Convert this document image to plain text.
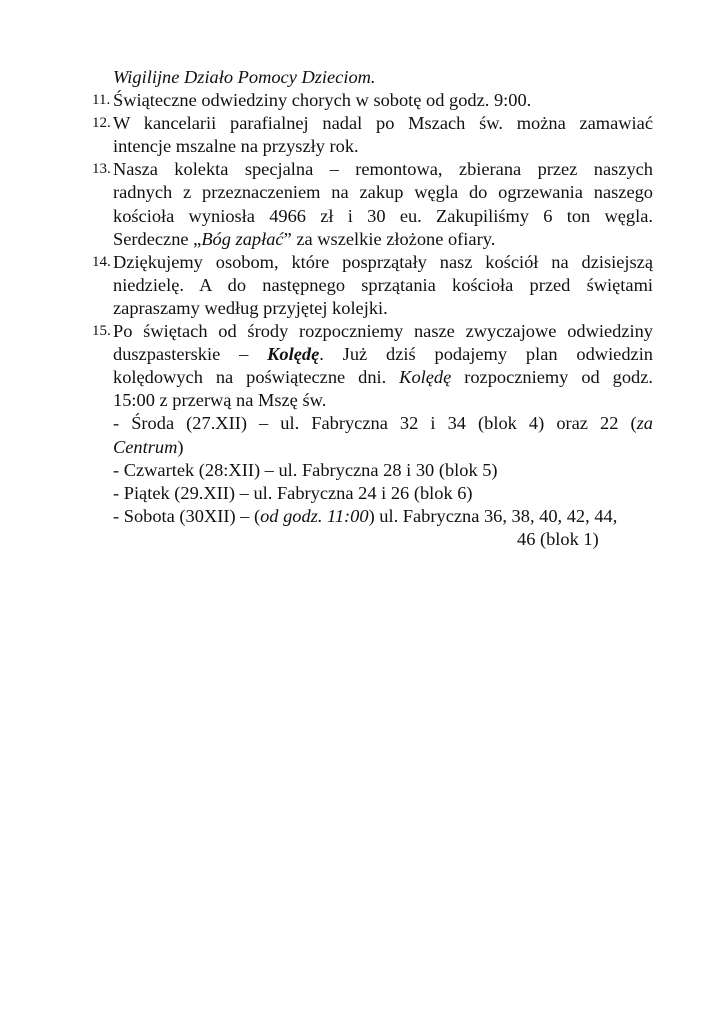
Wigilijne Działo Pomocy Dzieciom.
11. Świąteczne odwiedziny chorych w sobotę od godz. 9:00.
12. W kancelarii parafialnej nadal po Mszach św. można zamawiać
intencje mszalne na przyszły rok.
13. Nasza kolekta specjalna – remontowa, zbierana przez naszych
radnych z przeznaczeniem na zakup węgla do ogrzewania naszego
kościoła wyniosła 4966 zł i 30 eu. Zakupiliśmy 6 ton węgla.
Serdeczne „Bóg zapłać” za wszelkie złożone ofiary.
14. Dziękujemy osobom, które posprzątały nasz kościół na dzisiejszą
niedzielę. A do następnego sprzątania kościoła przed świętami
zapraszamy według przyjętej kolejki.
15. Po świętach od środy rozpoczniemy nasze zwyczajowe odwiedziny
duszpasterskie – Kolędę. Już dziś podajemy plan odwiedzin
kolędowych na poświąteczne dni. Kolędę rozpoczniemy od godz.
15:00 z przerwą na Mszę św.
- Środa (27.XII) – ul. Fabryczna 32 i 34 (blok 4) oraz 22 (za
Centrum)
- Czwartek (28:XII) – ul. Fabryczna 28 i 30 (blok 5)
- Piątek (29.XII) – ul. Fabryczna 24 i 26 (blok 6)
- Sobota (30XII) – (od godz. 11:00) ul. Fabryczna 36, 38, 40, 42, 44,
46 (blok 1)
